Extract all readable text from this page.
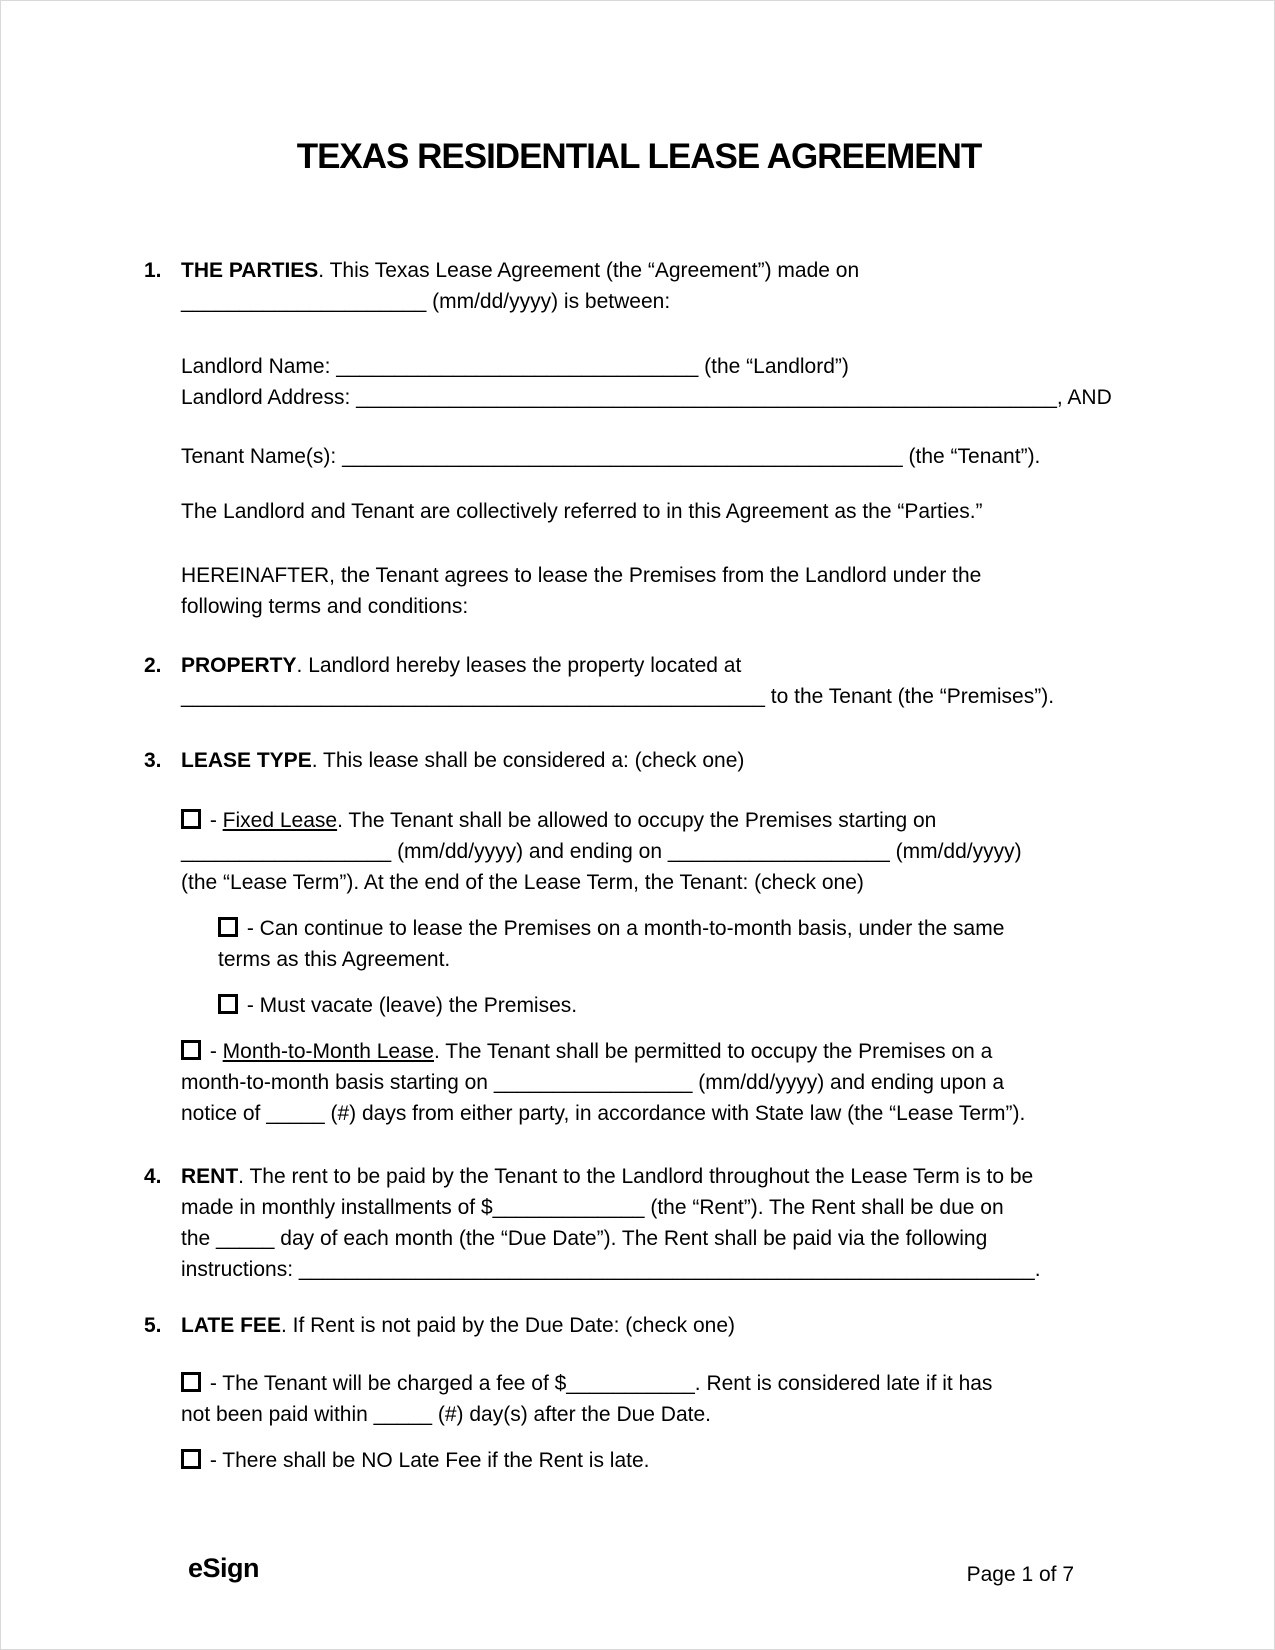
TEXAS RESIDENTIAL LEASE AGREEMENT
1. THE PARTIES. This Texas Lease Agreement (the “Agreement”) made on
_____________________ (mm/dd/yyyy) is between:
Landlord Name: _______________________________ (the “Landlord”)
Landlord Address: ____________________________________________________________, AND
Tenant Name(s): ________________________________________________ (the “Tenant”).
The Landlord and Tenant are collectively referred to in this Agreement as the “Parties.”
HEREINAFTER, the Tenant agrees to lease the Premises from the Landlord under the
following terms and conditions:
2. PROPERTY. Landlord hereby leases the property located at
__________________________________________________ to the Tenant (the “Premises”).
3. LEASE TYPE. This lease shall be considered a: (check one)
- Fixed Lease. The Tenant shall be allowed to occupy the Premises starting on
__________________ (mm/dd/yyyy) and ending on ___________________ (mm/dd/yyyy)
(the “Lease Term”). At the end of the Lease Term, the Tenant: (check one)
- Can continue to lease the Premises on a month-to-month basis, under the same
terms as this Agreement.
- Must vacate (leave) the Premises.
- Month-to-Month Lease. The Tenant shall be permitted to occupy the Premises on a
month-to-month basis starting on _________________ (mm/dd/yyyy) and ending upon a
notice of _____ (#) days from either party, in accordance with State law (the “Lease Term”).
4. RENT. The rent to be paid by the Tenant to the Landlord throughout the Lease Term is to be
made in monthly installments of $_____________ (the “Rent”). The Rent shall be due on
the _____ day of each month (the “Due Date”). The Rent shall be paid via the following
instructions: _______________________________________________________________.
5. LATE FEE. If Rent is not paid by the Due Date: (check one)
- The Tenant will be charged a fee of $___________. Rent is considered late if it has
not been paid within _____ (#) day(s) after the Due Date.
- There shall be NO Late Fee if the Rent is late.
eSign	Page 1 of 7
